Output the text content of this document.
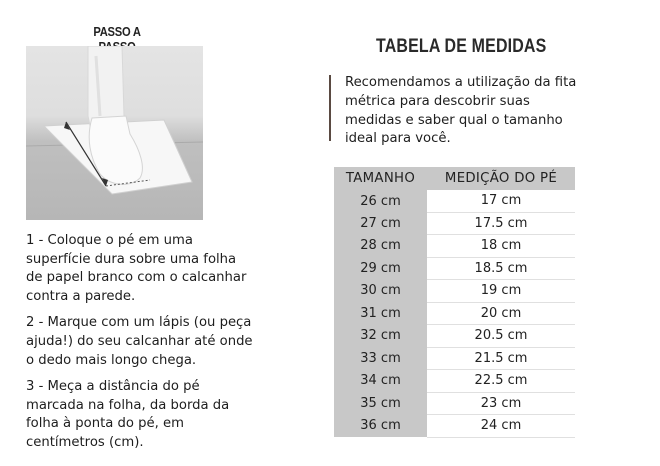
PASSO A

1 - Coloque o pé em uma superfície dura sobre uma folha de papel branco com o calcanhar contra a parede.

2 - Marque com um lápis (ou peça ajuda!) do seu calcanhar até onde o dedo mais longo chega.

3 - Meça a distância do pé marcada na folha, da borda da folha à ponta do pé, em centímetros (cm).

TABELA DE MEDIDAS
Recomendamos a utilização da fita métrica para descobrir suas medidas e saber qual o tamanho ideal para você.
TAMANHO	MEDIÇÃO DO PÉ
26 cm	17 cm
27 cm	17.5 cm
28 cm	18 cm
29 cm	18.5 cm
30 cm	19 cm
31 cm	20 cm
32 cm	20.5 cm
33 cm	21.5 cm
34 cm	22.5 cm
35 cm	23 cm
36 cm	24 cm
